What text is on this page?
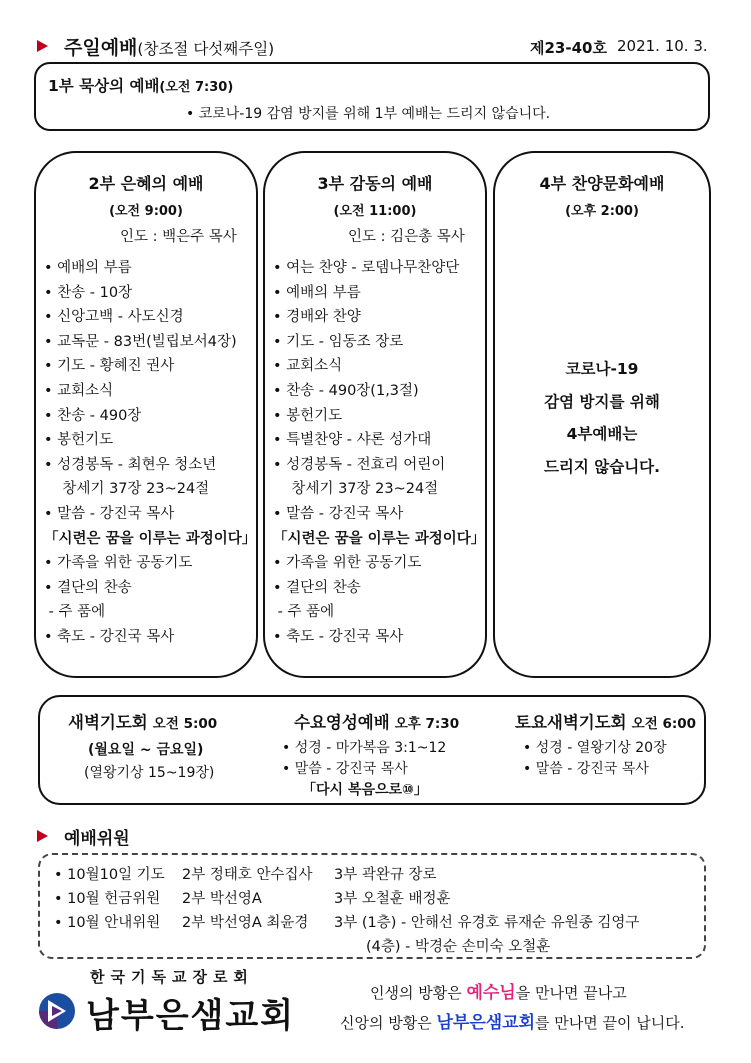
주일예배(창조절 다섯째주일)	제23-40호 2021. 10. 3.
1부 묵상의 예배(오전 7:30)
• 코로나-19 감염 방지를 위해 1부 예배는 드리지 않습니다.
2부 은혜의 예배
(오전 9:00)
인도 : 백은주 목사
• 예배의 부름
• 찬송 - 10장
• 신앙고백 - 사도신경
• 교독문 - 83번(빌립보서4장)
• 기도 - 황혜진 권사
• 교회소식
• 찬송 - 490장
• 봉헌기도
• 성경봉독 - 최현우 청소년
창세기 37장 23~24절
• 말씀 - 강진국 목사
「시련은 꿈을 이루는 과정이다」
• 가족을 위한 공동기도
• 결단의 찬송
- 주 품에
• 축도 - 강진국 목사
3부 감동의 예배
(오전 11:00)
인도 : 김은총 목사
• 여는 찬양 - 로뎀나무찬양단
• 예배의 부름
• 경배와 찬양
• 기도 - 임동조 장로
• 교회소식
• 찬송 - 490장(1,3절)
• 봉헌기도
• 특별찬양 - 샤론 성가대
• 성경봉독 - 전효리 어린이
창세기 37장 23~24절
• 말씀 - 강진국 목사
「시련은 꿈을 이루는 과정이다」
• 가족을 위한 공동기도
• 결단의 찬송
- 주 품에
• 축도 - 강진국 목사
4부 찬양문화예배
(오후 2:00)
코로나-19
감염 방지를 위해
4부예배는
드리지 않습니다.
새벽기도회 오전 5:00
(월요일 ~ 금요일)
(열왕기상 15~19장)
수요영성예배 오후 7:30
• 성경 - 마가복음 3:1~12
• 말씀 - 강진국 목사
「다시 복음으로⑩」
토요새벽기도회 오전 6:00
• 성경 - 열왕기상 20장
• 말씀 - 강진국 목사
예배위원
• 10월10일 기도 2부 정태호 안수집사 3부 곽완규 장로
• 10월 헌금위원 2부 박선영A	3부 오철훈 배정훈
• 10월 안내위원 2부 박선영A 최윤경 3부 (1층) - 안해선 유경호 류재순 유원종 김영구
(4층) - 박경순 손미숙 오철훈
한국기독교장로회
남부은샘교회
인생의 방황은 예수님을 만나면 끝나고
신앙의 방황은 남부은샘교회를 만나면 끝이 납니다.
